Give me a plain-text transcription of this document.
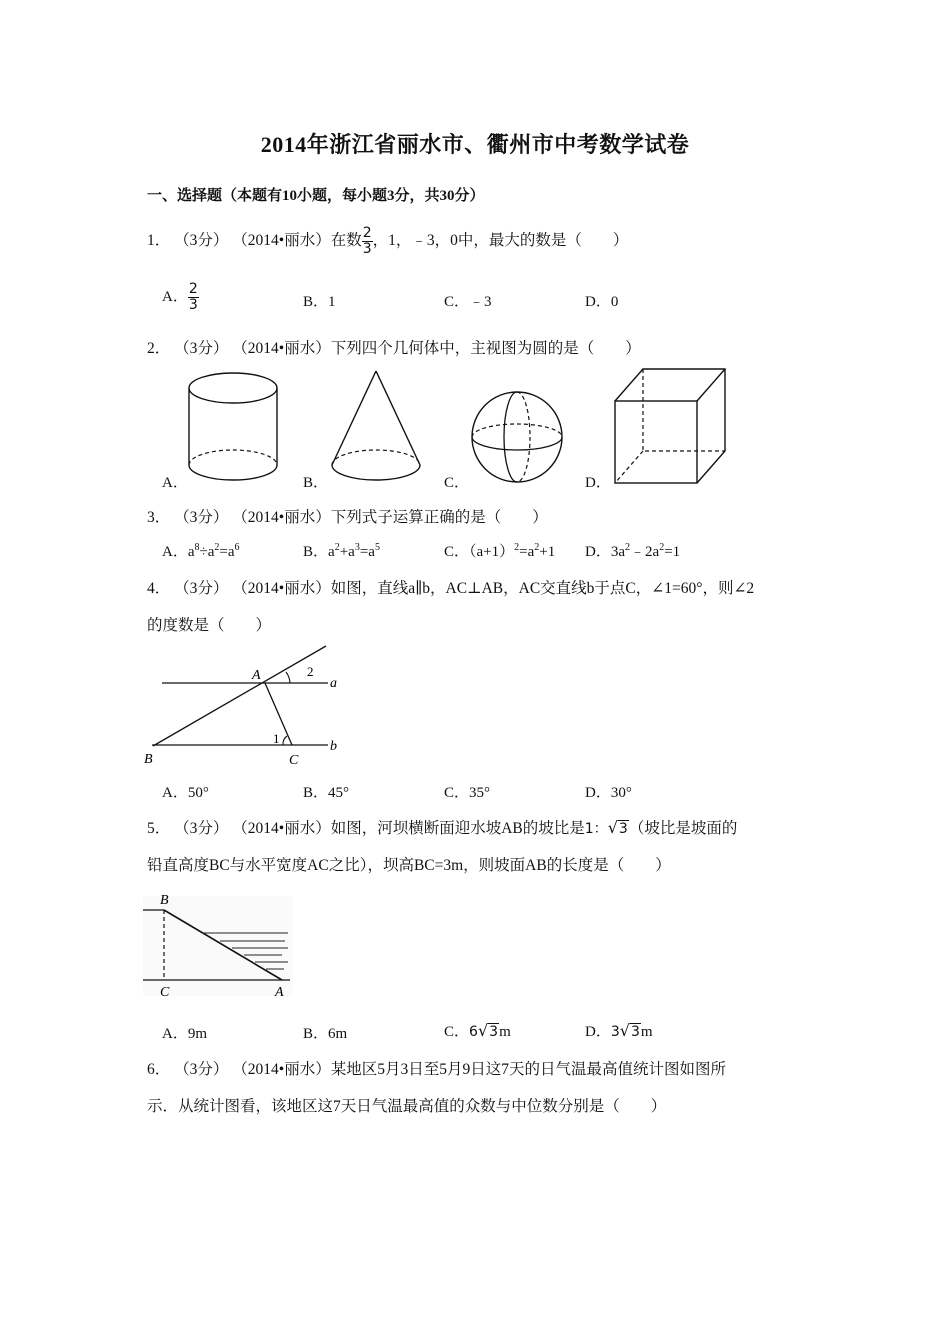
2014年浙江省丽水市、衢州市中考数学试卷
一、选择题（本题有10小题，每小题3分，共30分）
1． （3分） （2014•丽水）在数 $\frac{2}{3}$ ，1，﹣3，0中，最大的数是（　　）
A． $\frac{2}{3}$	B．1	C．﹣3	D．0
2． （3分） （2014•丽水）下列四个几何体中，主视图为圆的是（　　）
A．	B．	C．	D．
3． （3分） （2014•丽水）下列式子运算正确的是（　　）
A．$a^8\div a^2=a^6$	B．$a^2+a^3=a^5$	C．$(a+1)^2=a^2+1$ D．$3a^2﹣2a^2=1$
4． （3分） （2014•丽水）如图，直线a∥b，AC⊥AB，AC交直线b于点C，∠1=60°，则∠2
的度数是（　　）
A
B	C
a
b
1
2
A．50°	B．45°	C．35°	D．30°
5． （3分） （2014•丽水）如图，河坝横断面迎水坡AB的坡比是1：√3（坡比是坡面的
铅直高度BC与水平宽度AC之比），坝高BC=3m，则坡面AB的长度是（　　）
B
C	A
A．9m	B．6m	C．6√3m	D．3√3m
6． （3分） （2014•丽水）某地区5月3日至5月9日这7天的日气温最高值统计图如图所
示．从统计图看，该地区这7天日气温最高值的众数与中位数分别是（　　）
